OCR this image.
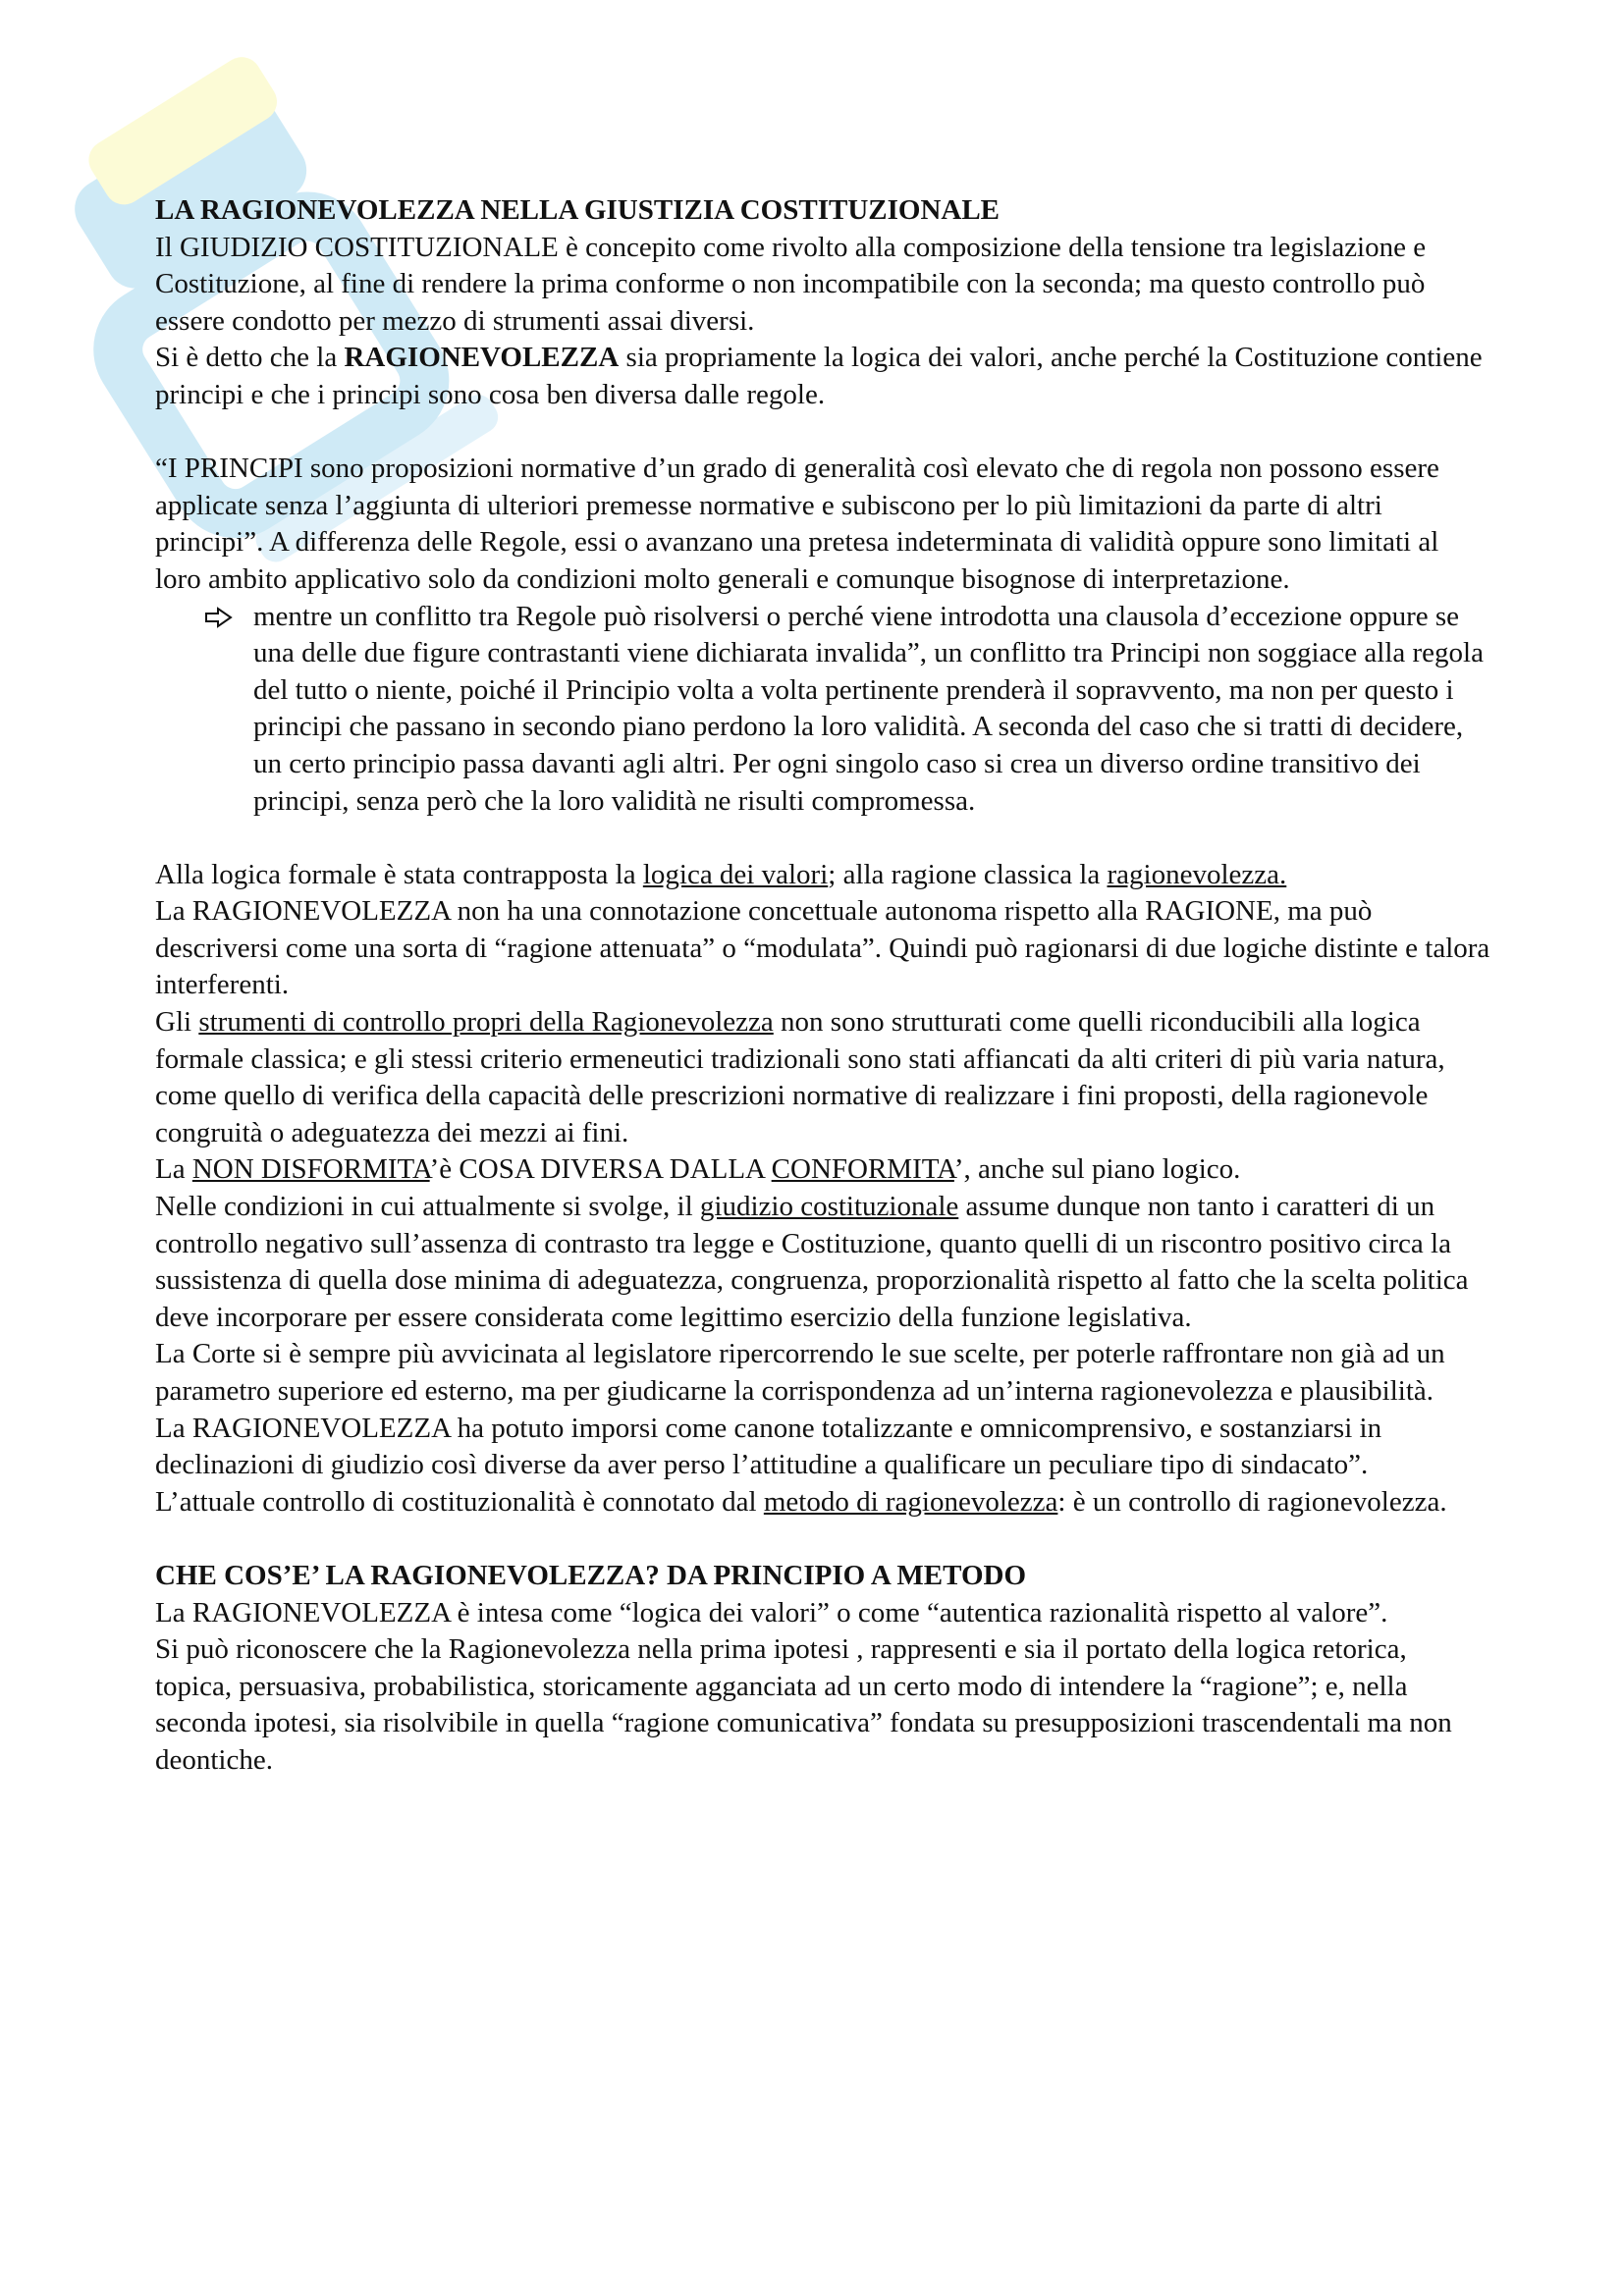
LA RAGIONEVOLEZZA NELLA GIUSTIZIA COSTITUZIONALE

Il GIUDIZIO COSTITUZIONALE è concepito come rivolto alla composizione della tensione tra legislazione e Costituzione, al fine di rendere la prima conforme o non incompatibile con la seconda; ma questo controllo può essere condotto per mezzo di strumenti assai diversi.

Si è detto che la RAGIONEVOLEZZA sia propriamente la logica dei valori, anche perché la Costituzione contiene principi e che i principi sono cosa ben diversa dalle regole.

“I PRINCIPI sono proposizioni normative d’un grado di generalità così elevato che di regola non possono essere applicate senza l’aggiunta di ulteriori premesse normative e subiscono per lo più limitazioni da parte di altri principi”. A differenza delle Regole, essi o avanzano una pretesa indeterminata di validità oppure sono limitati al loro ambito applicativo solo da condizioni molto generali e comunque bisognose di interpretazione.

mentre un conflitto tra Regole può risolversi o perché viene introdotta una clausola d’eccezione oppure se una delle due figure contrastanti viene dichiarata invalida”, un conflitto tra Principi non soggiace alla regola del tutto o niente, poiché il Principio volta a volta pertinente prenderà il sopravvento, ma non per questo i principi che passano in secondo piano perdono la loro validità. A seconda del caso che si tratti di decidere, un certo principio passa davanti agli altri. Per ogni singolo caso si crea un diverso ordine transitivo dei principi, senza però che la loro validità ne risulti compromessa.

Alla logica formale è stata contrapposta la logica dei valori; alla ragione classica la ragionevolezza.

La RAGIONEVOLEZZA non ha una connotazione concettuale autonoma rispetto alla RAGIONE, ma può descriversi come una sorta di “ragione attenuata” o “modulata”. Quindi può ragionarsi di due logiche distinte e talora interferenti.

Gli strumenti di controllo propri della Ragionevolezza non sono strutturati come quelli riconducibili alla logica formale classica; e gli stessi criterio ermeneutici tradizionali sono stati affiancati da alti criteri di più varia natura, come quello di verifica della capacità delle prescrizioni normative di realizzare i fini proposti, della ragionevole congruità o adeguatezza dei mezzi ai fini.

La NON DISFORMITA’è COSA DIVERSA DALLA CONFORMITA’, anche sul piano logico.

Nelle condizioni in cui attualmente si svolge, il giudizio costituzionale assume dunque non tanto i caratteri di un controllo negativo sull’assenza di contrasto tra legge e Costituzione, quanto quelli di un riscontro positivo circa la sussistenza di quella dose minima di adeguatezza, congruenza, proporzionalità rispetto al fatto che la scelta politica deve incorporare per essere considerata come legittimo esercizio della funzione legislativa.

La Corte si è sempre più avvicinata al legislatore ripercorrendo le sue scelte, per poterle raffrontare non già ad un parametro superiore ed esterno, ma per giudicarne la corrispondenza ad un’interna ragionevolezza e plausibilità.

La RAGIONEVOLEZZA ha potuto imporsi come canone totalizzante e omnicomprensivo, e sostanziarsi in declinazioni di giudizio così diverse da aver perso l’attitudine a qualificare un peculiare tipo di sindacato”.

L’attuale controllo di costituzionalità è connotato dal metodo di ragionevolezza: è un controllo di ragionevolezza.

CHE COS’E’ LA RAGIONEVOLEZZA? DA PRINCIPIO A METODO

La RAGIONEVOLEZZA è intesa come “logica dei valori” o come “autentica razionalità rispetto al valore”.

Si può riconoscere che la Ragionevolezza nella prima ipotesi , rappresenti e sia il portato della logica retorica, topica, persuasiva, probabilistica, storicamente agganciata ad un certo modo di intendere la “ragione”; e, nella seconda ipotesi, sia risolvibile in quella “ragione comunicativa” fondata su presupposizioni trascendentali ma non deontiche.
